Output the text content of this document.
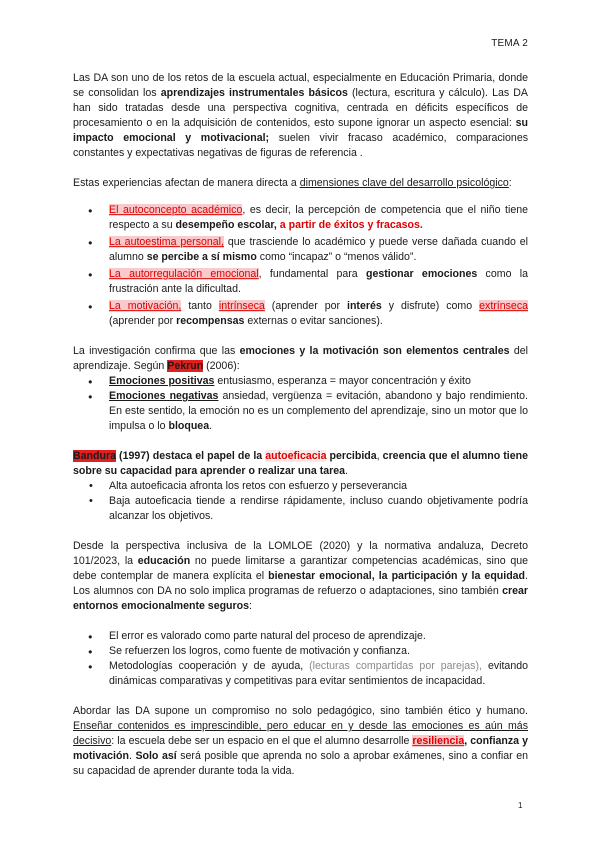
TEMA 2

Las DA son uno de los retos de la escuela actual, especialmente en Educación Primaria, donde se consolidan los aprendizajes instrumentales básicos (lectura, escritura y cálculo). Las DA han sido tratadas desde una perspectiva cognitiva, centrada en déficits específicos de procesamiento o en la adquisición de contenidos, esto supone ignorar un aspecto esencial: su impacto emocional y motivacional; suelen vivir fracaso académico, comparaciones constantes y expectativas negativas de figuras de referencia .

Estas experiencias afectan de manera directa a dimensiones clave del desarrollo psicológico:

● El autoconcepto académico, es decir, la percepción de competencia que el niño tiene respecto a su desempeño escolar, a partir de éxitos y fracasos.
● La autoestima personal, que trasciende lo académico y puede verse dañada cuando el alumno se percibe a sí mismo como “incapaz” o “menos válido”.
● La autorregulación emocional, fundamental para gestionar emociones como la frustración ante la dificultad.
● La motivación, tanto intrínseca (aprender por interés y disfrute) como extrínseca (aprender por recompensas externas o evitar sanciones).

La investigación confirma que las emociones y la motivación son elementos centrales del aprendizaje. Según Pekrun (2006):

● Emociones positivas entusiasmo, esperanza = mayor concentración y éxito
● Emociones negativas ansiedad, vergüenza = evitación, abandono y bajo rendimiento. En este sentido, la emoción no es un complemento del aprendizaje, sino un motor que lo impulsa o lo bloquea.

Bandura (1997) destaca el papel de la autoeficacia percibida, creencia que el alumno tiene sobre su capacidad para aprender o realizar una tarea.

• Alta autoeficacia afronta los retos con esfuerzo y perseverancia
• Baja autoeficacia tiende a rendirse rápidamente, incluso cuando objetivamente podría alcanzar los objetivos.

Desde la perspectiva inclusiva de la LOMLOE (2020) y la normativa andaluza, Decreto 101/2023, la educación no puede limitarse a garantizar competencias académicas, sino que debe contemplar de manera explícita el bienestar emocional, la participación y la equidad. Los alumnos con DA no solo implica programas de refuerzo o adaptaciones, sino también crear entornos emocionalmente seguros:

● El error es valorado como parte natural del proceso de aprendizaje.
● Se refuerzen los logros, como fuente de motivación y confianza.
● Metodologías cooperación y de ayuda, (lecturas compartidas por parejas), evitando dinámicas comparativas y competitivas para evitar sentimientos de incapacidad.

Abordar las DA supone un compromiso no solo pedagógico, sino también ético y humano. Enseñar contenidos es imprescindible, pero educar en y desde las emociones es aún más decisivo: la escuela debe ser un espacio en el que el alumno desarrolle resiliencia, confianza y motivación. Solo así será posible que aprenda no solo a aprobar exámenes, sino a confiar en su capacidad de aprender durante toda la vida.

1
